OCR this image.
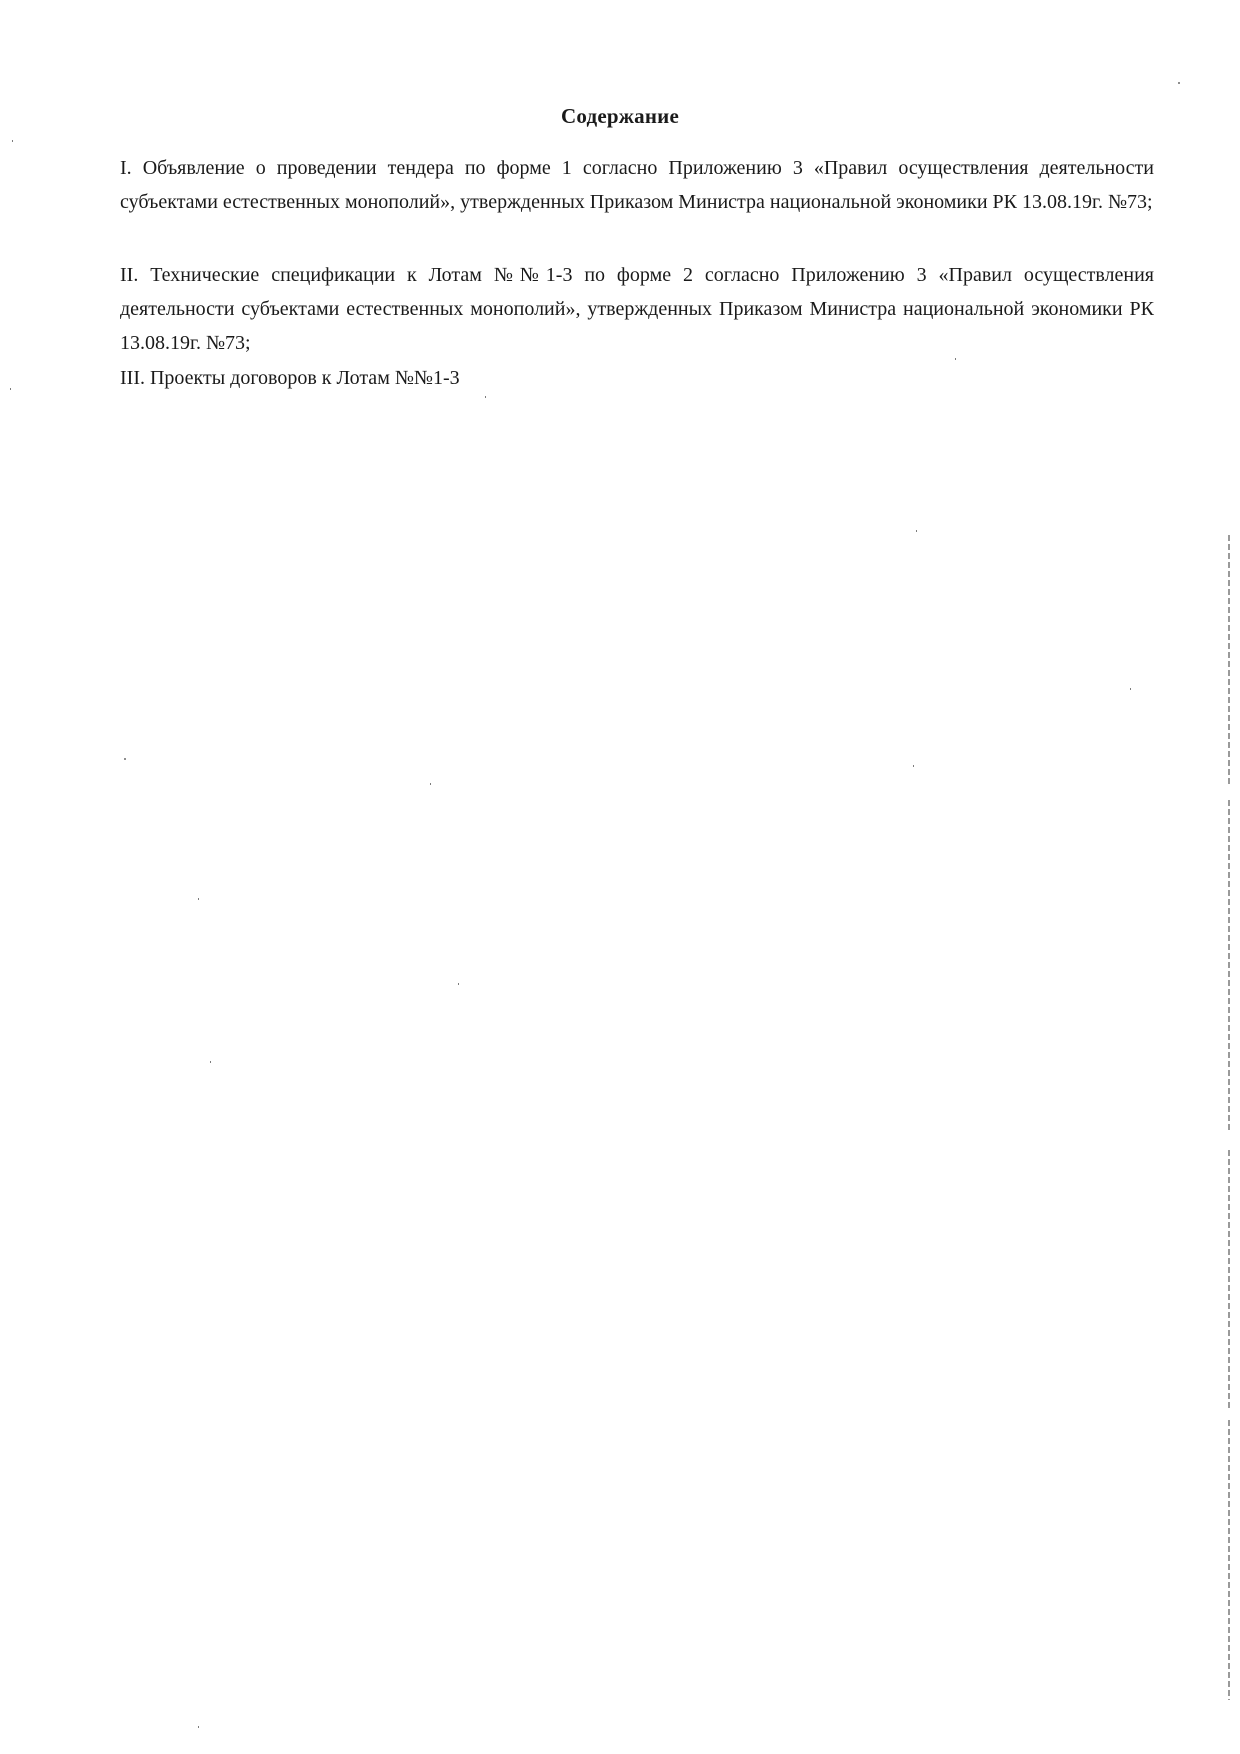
Содержание
I. Объявление о проведении тендера по форме 1 согласно Приложению 3 «Правил осуществления деятельности субъектами естественных монополий», утвержденных Приказом Министра национальной экономики РК 13.08.19г. №73;
II. Технические спецификации к Лотам №№1-3 по форме 2 согласно Приложению 3 «Правил осуществления деятельности субъектами естественных монополий», утвержденных Приказом Министра национальной экономики РК 13.08.19г. №73;
III. Проекты договоров к Лотам №№1-3
